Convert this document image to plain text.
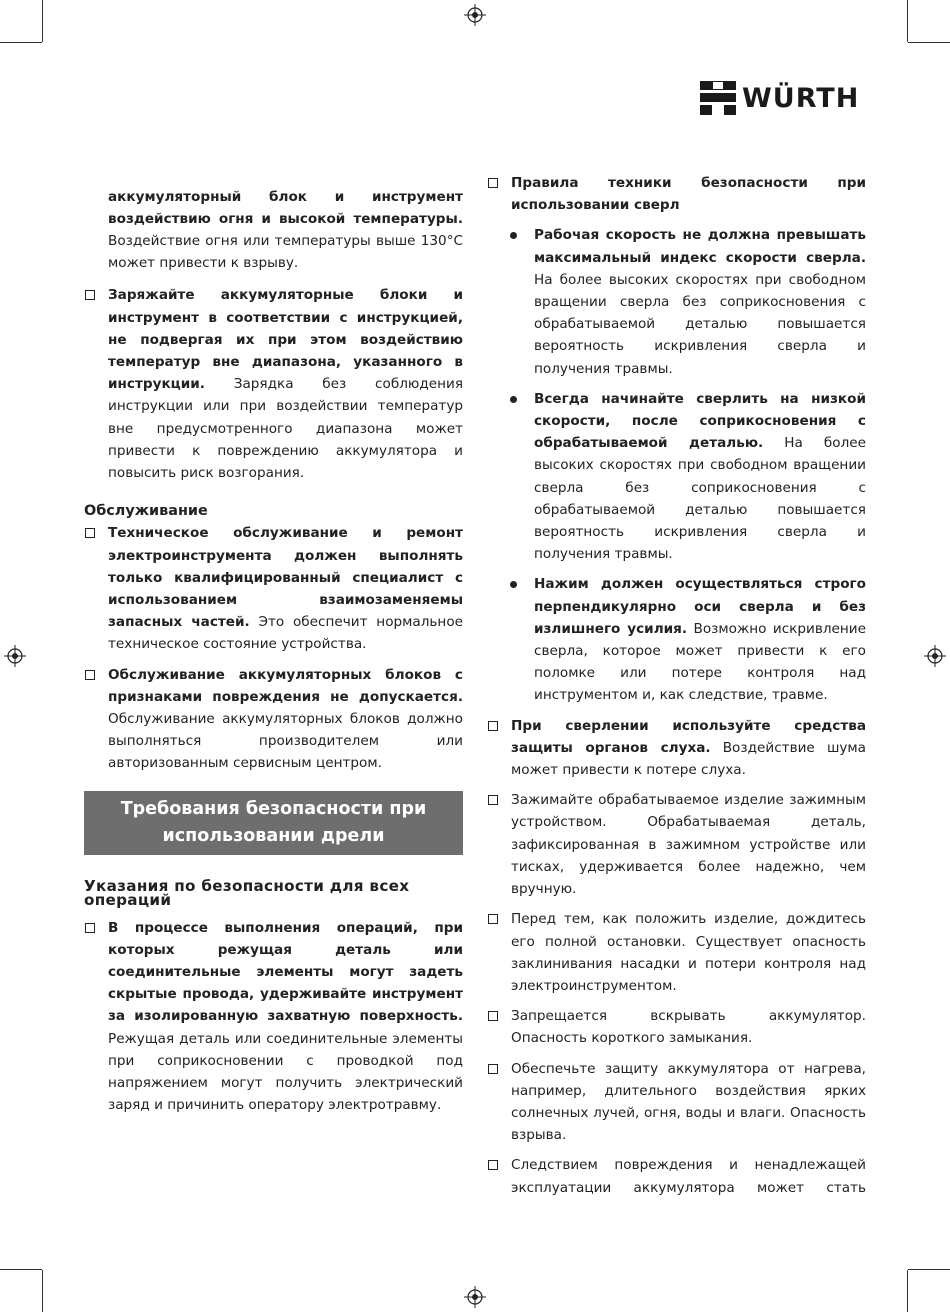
WÜRTH

аккумуляторный блок и инструмент воздействию огня и высокой температуры. Воздействие огня или температуры выше 130°C может привести к взрыву.

Заряжайте аккумуляторные блоки и инструмент в соответствии с инструкцией, не подвергая их при этом воздействию температур вне диапазона, указанного в инструкции. Зарядка без соблюдения инструкции или при воздействии температур вне предусмотренного диапазона может привести к повреждению аккумулятора и повысить риск возгорания.
Обслуживание
Техническое обслуживание и ремонт электроинструмента должен выполнять только квалифицированный специалист с использованием взаимозаменяемы запасных частей. Это обеспечит нормальное техническое состояние устройства.
Обслуживание аккумуляторных блоков с признаками повреждения не допускается. Обслуживание аккумуляторных блоков должно выполняться производителем или авторизованным сервисным центром.
Требования безопасности при использовании дрели
Указания по безопасности для всех операций
В процессе выполнения операций, при которых режущая деталь или соединительные элементы могут задеть скрытые провода, удерживайте инструмент за изолированную захватную поверхность. Режущая деталь или соединительные элементы при соприкосновении с проводкой под напряжением могут получить электрический заряд и причинить оператору электротравму.
Правила техники безопасности при использовании сверл
Рабочая скорость не должна превышать максимальный индекс скорости сверла. На более высоких скоростях при свободном вращении сверла без соприкосновения с обрабатываемой деталью повышается вероятность искривления сверла и получения травмы.
Всегда начинайте сверлить на низкой скорости, после соприкосновения с обрабатываемой деталью. На более высоких скоростях при свободном вращении сверла без соприкосновения с обрабатываемой деталью повышается вероятность искривления сверла и получения травмы.
Нажим должен осуществляться строго перпендикулярно оси сверла и без излишнего усилия. Возможно искривление сверла, которое может привести к его поломке или потере контроля над инструментом и, как следствие, травме.
При сверлении используйте средства защиты органов слуха. Воздействие шума может привести к потере слуха.
Зажимайте обрабатываемое изделие зажимным устройством. Обрабатываемая деталь, зафиксированная в зажимном устройстве или тисках, удерживается более надежно, чем вручную.
Перед тем, как положить изделие, дождитесь его полной остановки. Существует опасность заклинивания насадки и потери контроля над электроинструментом.
Запрещается вскрывать аккумулятор. Опасность короткого замыкания.
Обеспечьте защиту аккумулятора от нагрева, например, длительного воздействия ярких солнечных лучей, огня, воды и влаги. Опасность взрыва.
Следствием повреждения и ненадлежащей эксплуатации аккумулятора может стать
